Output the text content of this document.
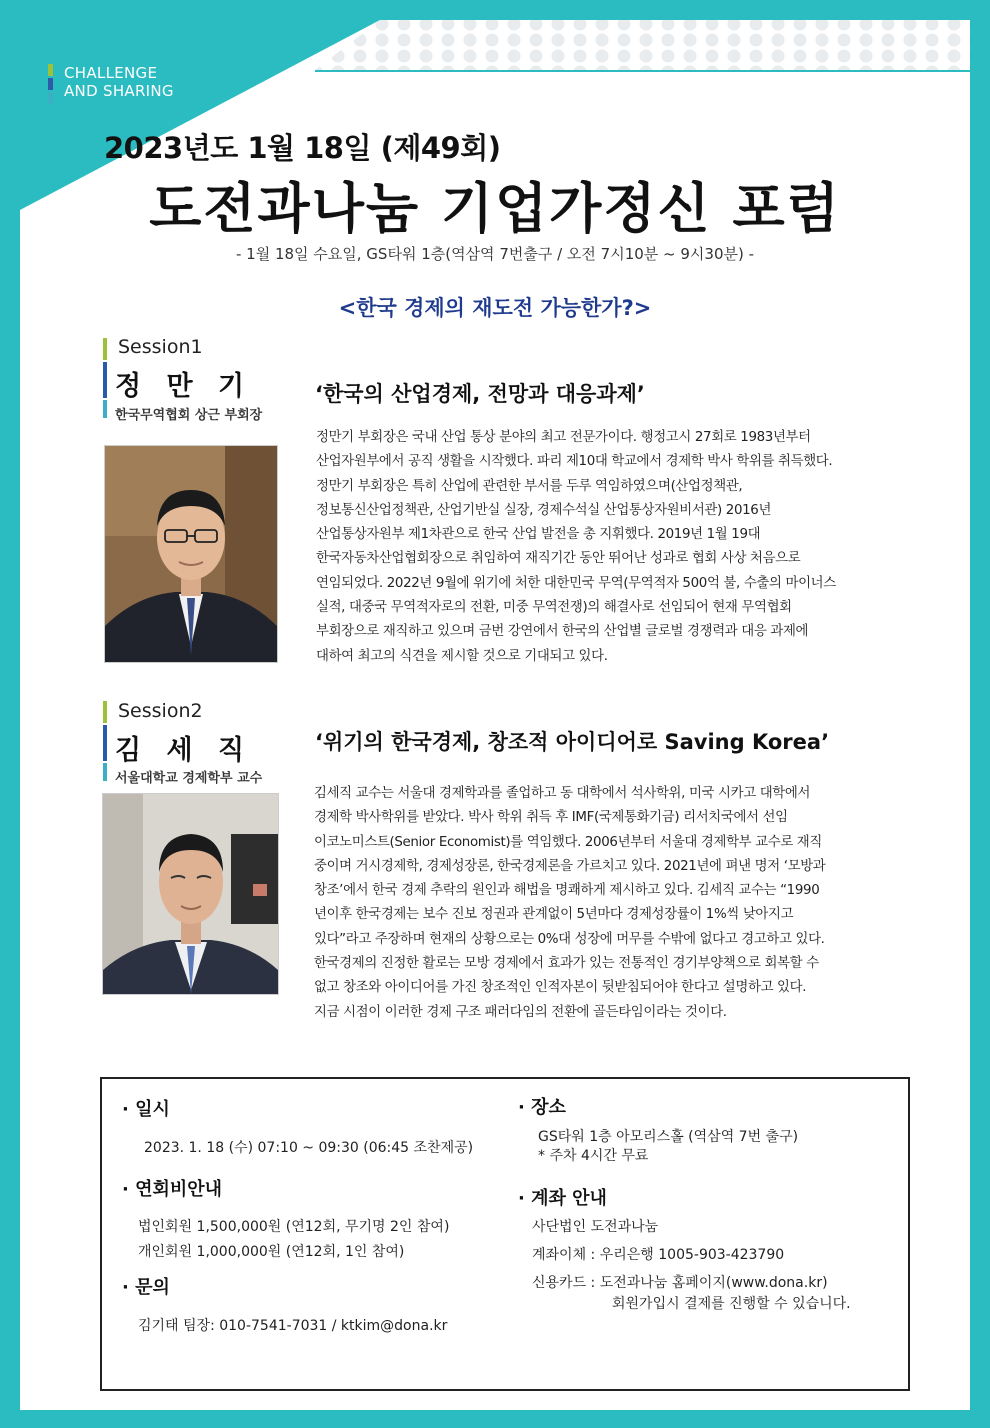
CHALLENGE
AND SHARING
2023년도 1월 18일 (제49회)
도전과나눔 기업가정신 포럼
- 1월 18일 수요일, GS타워 1층(역삼역 7번출구 / 오전 7시10분 ~ 9시30분) -
<한국 경제의 재도전 가능한가?>
Session1
정 만 기
한국무역협회 상근 부회장
‘한국의 산업경제, 전망과 대응과제’
정만기 부회장은 국내 산업 통상 분야의 최고 전문가이다. 행정고시 27회로 1983년부터
산업자원부에서 공직 생활을 시작했다. 파리 제10대 학교에서 경제학 박사 학위를 취득했다.
정만기 부회장은 특히 산업에 관련한 부서를 두루 역임하였으며(산업정책관,
정보통신산업정책관, 산업기반실 실장, 경제수석실 산업통상자원비서관) 2016년
산업통상자원부 제1차관으로 한국 산업 발전을 총 지휘했다. 2019년 1월 19대
한국자동차산업협회장으로 취임하여 재직기간 동안 뛰어난 성과로 협회 사상 처음으로
연임되었다. 2022년 9월에 위기에 처한 대한민국 무역(무역적자 500억 불, 수출의 마이너스
실적, 대중국 무역적자로의 전환, 미중 무역전쟁)의 해결사로 선임되어 현재 무역협회
부회장으로 재직하고 있으며 금번 강연에서 한국의 산업별 글로벌 경쟁력과 대응 과제에
대하여 최고의 식견을 제시할 것으로 기대되고 있다.
Session2
김 세 직
서울대학교 경제학부 교수
‘위기의 한국경제, 창조적 아이디어로 Saving Korea’
김세직 교수는 서울대 경제학과를 졸업하고 동 대학에서 석사학위, 미국 시카고 대학에서
경제학 박사학위를 받았다. 박사 학위 취득 후 IMF(국제통화기금) 리서치국에서 선임
이코노미스트(Senior Economist)를 역임했다. 2006년부터 서울대 경제학부 교수로 재직
중이며 거시경제학, 경제성장론, 한국경제론을 가르치고 있다. 2021년에 펴낸 명저 ‘모방과
창조’에서 한국 경제 추락의 원인과 해법을 명쾌하게 제시하고 있다. 김세직 교수는 “1990
년이후 한국경제는 보수 진보 정권과 관계없이 5년마다 경제성장률이 1%씩 낮아지고
있다”라고 주장하며 현재의 상황으로는 0%대 성장에 머무를 수밖에 없다고 경고하고 있다.
한국경제의 진정한 활로는 모방 경제에서 효과가 있는 전통적인 경기부양책으로 회복할 수
없고 창조와 아이디어를 가진 창조적인 인적자본이 뒷받침되어야 한다고 설명하고 있다.
지금 시점이 이러한 경제 구조 패러다임의 전환에 골든타임이라는 것이다.
· 일시
2023. 1. 18 (수) 07:10 ~ 09:30 (06:45 조찬제공)
· 연회비안내
법인회원 1,500,000원 (연12회, 무기명 2인 참여)
개인회원 1,000,000원 (연12회, 1인 참여)
· 문의
김기태 팀장: 010-7541-7031 / ktkim@dona.kr
· 장소
GS타워 1층 아모리스홀 (역삼역 7번 출구)
* 주차 4시간 무료
· 계좌 안내
사단법인 도전과나눔
계좌이체 : 우리은행 1005-903-423790
신용카드 : 도전과나눔 홈페이지(www.dona.kr)
회원가입시 결제를 진행할 수 있습니다.
